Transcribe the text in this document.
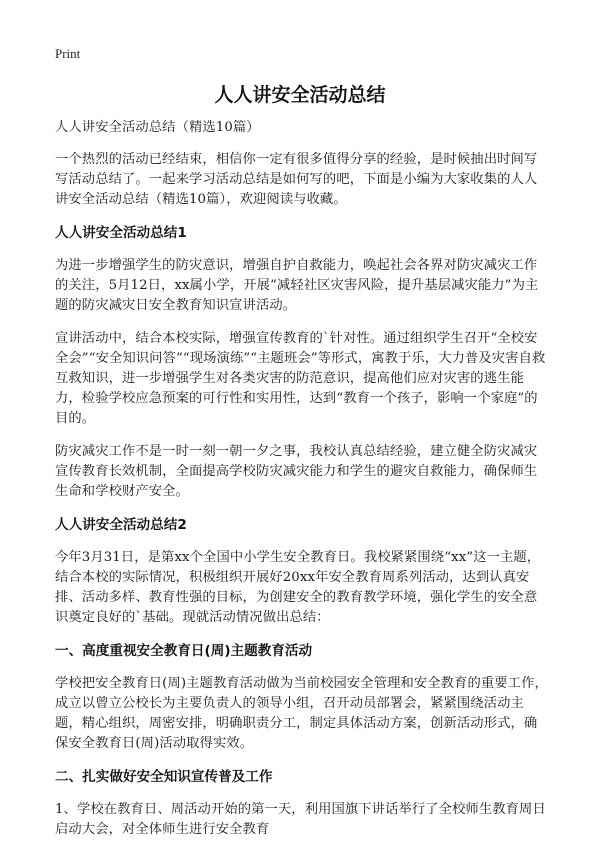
Print
人人讲安全活动总结

人人讲安全活动总结（精选10篇）

一个热烈的活动已经结束，相信你一定有很多值得分享的经验，是时候抽出时间写写活动总结了。一起来学习活动总结是如何写的吧，下面是小编为大家收集的人人讲安全活动总结（精选10篇），欢迎阅读与收藏。

人人讲安全活动总结1

为进一步增强学生的防灾意识，增强自护自救能力，唤起社会各界对防灾减灾工作的关注，5月12日，xx属小学，开展“减轻社区灾害风险，提升基层减灾能力”为主题的防灾减灾日安全教育知识宣讲活动。

宣讲活动中，结合本校实际，增强宣传教育的`针对性。通过组织学生召开“全校安全会”“安全知识问答”“现场演练”“主题班会”等形式，寓教于乐，大力普及灾害自救互救知识，进一步增强学生对各类灾害的防范意识，提高他们应对灾害的逃生能力，检验学校应急预案的可行性和实用性，达到“教育一个孩子，影响一个家庭”的目的。

防灾减灾工作不是一时一刻一朝一夕之事，我校认真总结经验，建立健全防灾减灾宣传教育长效机制，全面提高学校防灾减灾能力和学生的避灾自救能力，确保师生生命和学校财产安全。

人人讲安全活动总结2

今年3月31日，是第xx个全国中小学生安全教育日。我校紧紧围绕“xx”这一主题，结合本校的实际情况，积极组织开展好20xx年安全教育周系列活动，达到认真安排、活动多样、教育性强的目标，为创建安全的教育教学环境，强化学生的安全意识奠定良好的`基础。现就活动情况做出总结：

一、高度重视安全教育日(周)主题教育活动

学校把安全教育日(周)主题教育活动做为当前校园安全管理和安全教育的重要工作，成立以曾立公校长为主要负责人的领导小组，召开动员部署会，紧紧围绕活动主题，精心组织，周密安排，明确职责分工，制定具体活动方案，创新活动形式，确保安全教育日(周)活动取得实效。

二、扎实做好安全知识宣传普及工作

1、学校在教育日、周活动开始的第一天，利用国旗下讲话举行了全校师生教育周日启动大会，对全体师生进行安全教育
